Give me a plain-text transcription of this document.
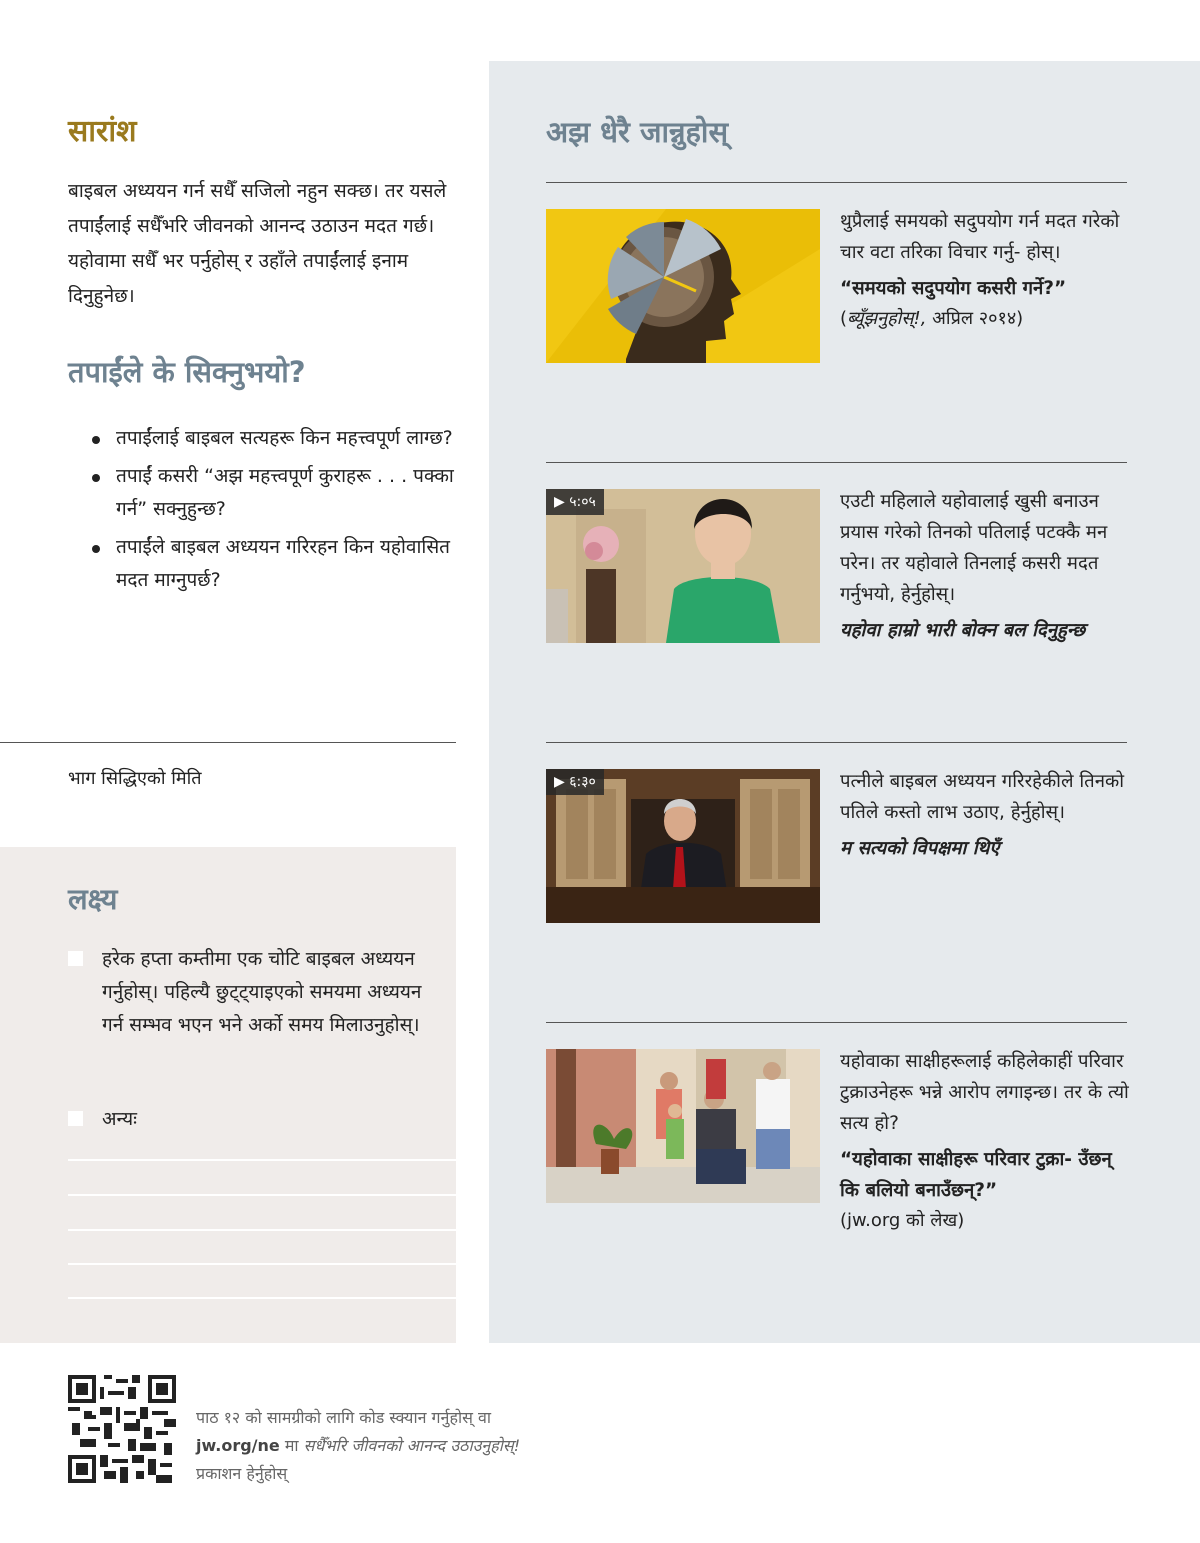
सारांश

बाइबल अध्ययन गर्न सधैँ सजिलो नहुन सक्छ। तर यसले तपाईंलाई सधैँभरि जीवनको आनन्द उठाउन मदत गर्छ। यहोवामा सधैँ भर पर्नुहोस् र उहाँले तपाईंलाई इनाम दिनुहुनेछ।

तपाईंले के सिक्नुभयो?
तपाईंलाई बाइबल सत्यहरू किन महत्त्वपूर्ण लाग्छ?
तपाईं कसरी “अझ महत्त्वपूर्ण कुराहरू . . . पक्का गर्न” सक्नुहुन्छ?
तपाईंले बाइबल अध्ययन गरिरहन किन यहोवासित मदत माग्नुपर्छ?
भाग सिद्धिएको मिति
लक्ष्य

हरेक हप्ता कम्तीमा एक चोटि बाइबल अध्ययन गर्नुहोस्। पहिल्यै छुट्ट्याइएको समयमा अध्ययन गर्न सम्भव भएन भने अर्को समय मिलाउनुहोस्।

अन्यः

अझ धेरै जान्नुहोस्

थुप्रैलाई समयको सदुपयोग गर्न मदत गरेको चार वटा तरिका विचार गर्नु- होस्।

“समयको सदुपयोग कसरी गर्ने?”

(ब्यूँझनुहोस्!, अप्रिल २०१४)

▶ ५:०५	एउटी महिलाले यहोवालाई खुसी बनाउन प्रयास गरेको तिनको पतिलाई पटक्कै मन परेन। तर यहोवाले तिनलाई कसरी मदत गर्नुभयो, हेर्नुहोस्।

यहोवा हाम्रो भारी बोक्न बल दिनुहुन्छ

▶ ६:३०	पत्नीले बाइबल अध्ययन गरिरहेकीले तिनको पतिले कस्तो लाभ उठाए, हेर्नुहोस्।

म सत्यको विपक्षमा थिएँ

यहोवाका साक्षीहरूलाई कहिलेकाहीं परिवार टुक्राउनेहरू भन्ने आरोप लगाइन्छ। तर के त्यो सत्य हो?

“यहोवाका साक्षीहरू परिवार टुक्रा- उँछन् कि बलियो बनाउँछन्?”

(jw.org को लेख)

पाठ १२ को सामग्रीको लागि कोड स्क्यान गर्नुहोस् वा
jw.org/ne मा सधैँभरि जीवनको आनन्द उठाउनुहोस्!
प्रकाशन हेर्नुहोस्
